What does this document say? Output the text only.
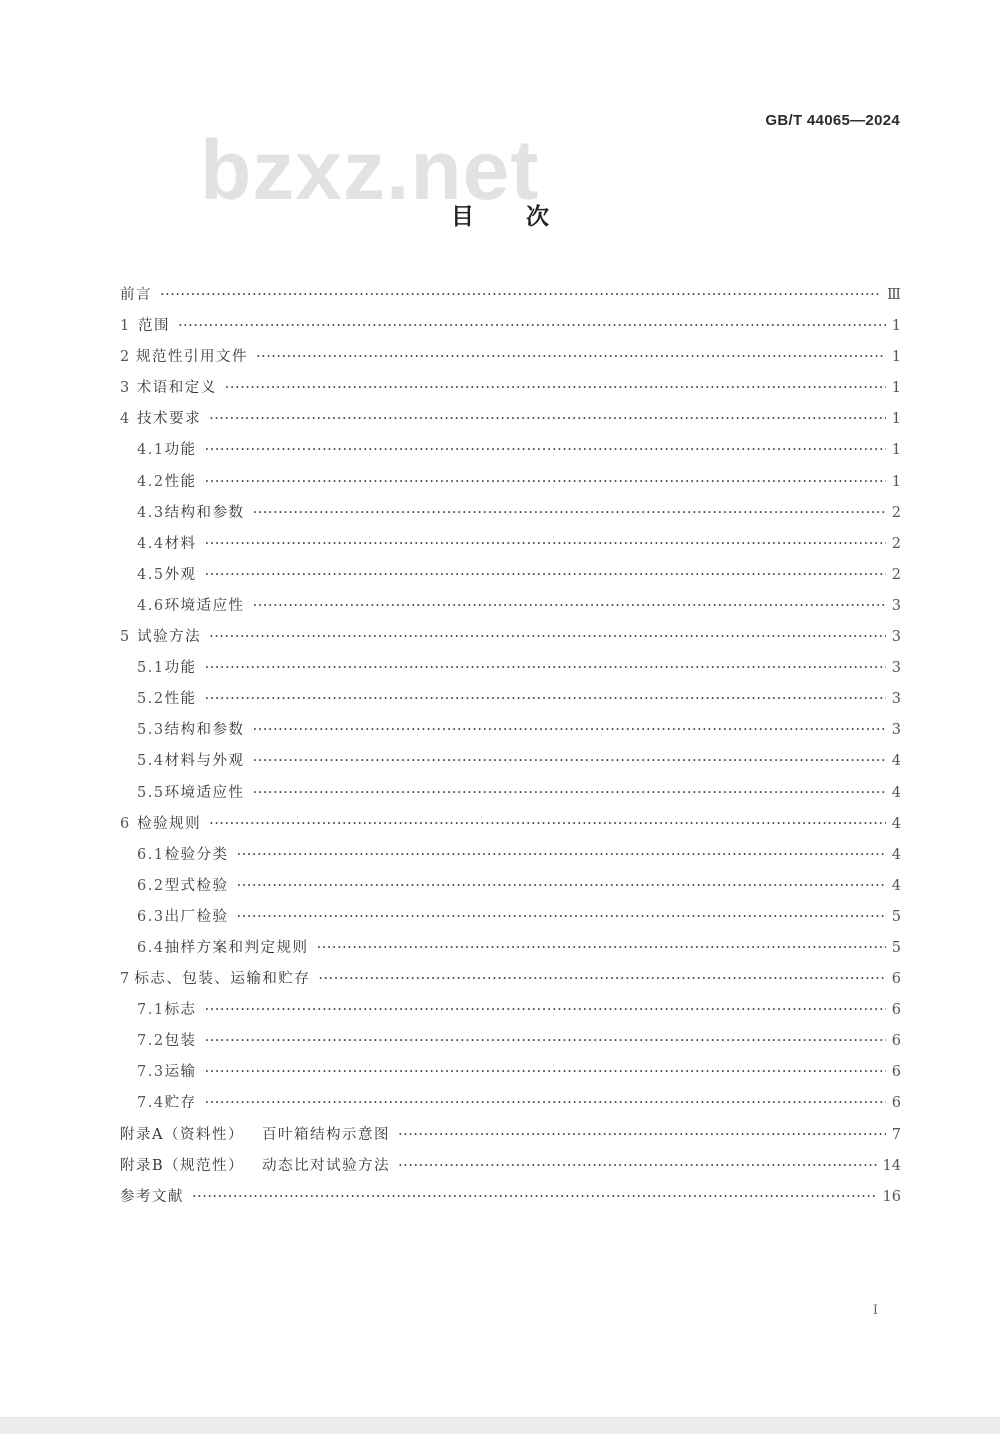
GB/T 44065—2024
bzxz.net
目次
前言 ·····	Ⅲ
1 范围 ·····	1
2 规范性引用文件 ·····	1
3 术语和定义 ·····	1
4 技术要求 ·····	1
4.1 功能 ·····	1
4.2 性能 ·····	1
4.3 结构和参数 ·····	2
4.4 材料 ·····	2
4.5 外观 ·····	2
4.6 环境适应性 ·····	3
5 试验方法 ·····	3
5.1 功能 ·····	3
5.2 性能 ·····	3
5.3 结构和参数 ·····	3
5.4 材料与外观 ·····	4
5.5 环境适应性 ·····	4
6 检验规则 ·····	4
6.1 检验分类 ·····	4
6.2 型式检验 ·····	4
6.3 出厂检验 ·····	5
6.4 抽样方案和判定规则 ·····	5
7 标志、包装、运输和贮存 ·····	6
7.1 标志 ·····	6
7.2 包装 ·····	6
7.3 运输 ·····	6
7.4 贮存 ·····	6
附录A（资料性） 百叶箱结构示意图 ·····	7
附录B（规范性） 动态比对试验方法 ·····	14
参考文献 ·····	16
I
